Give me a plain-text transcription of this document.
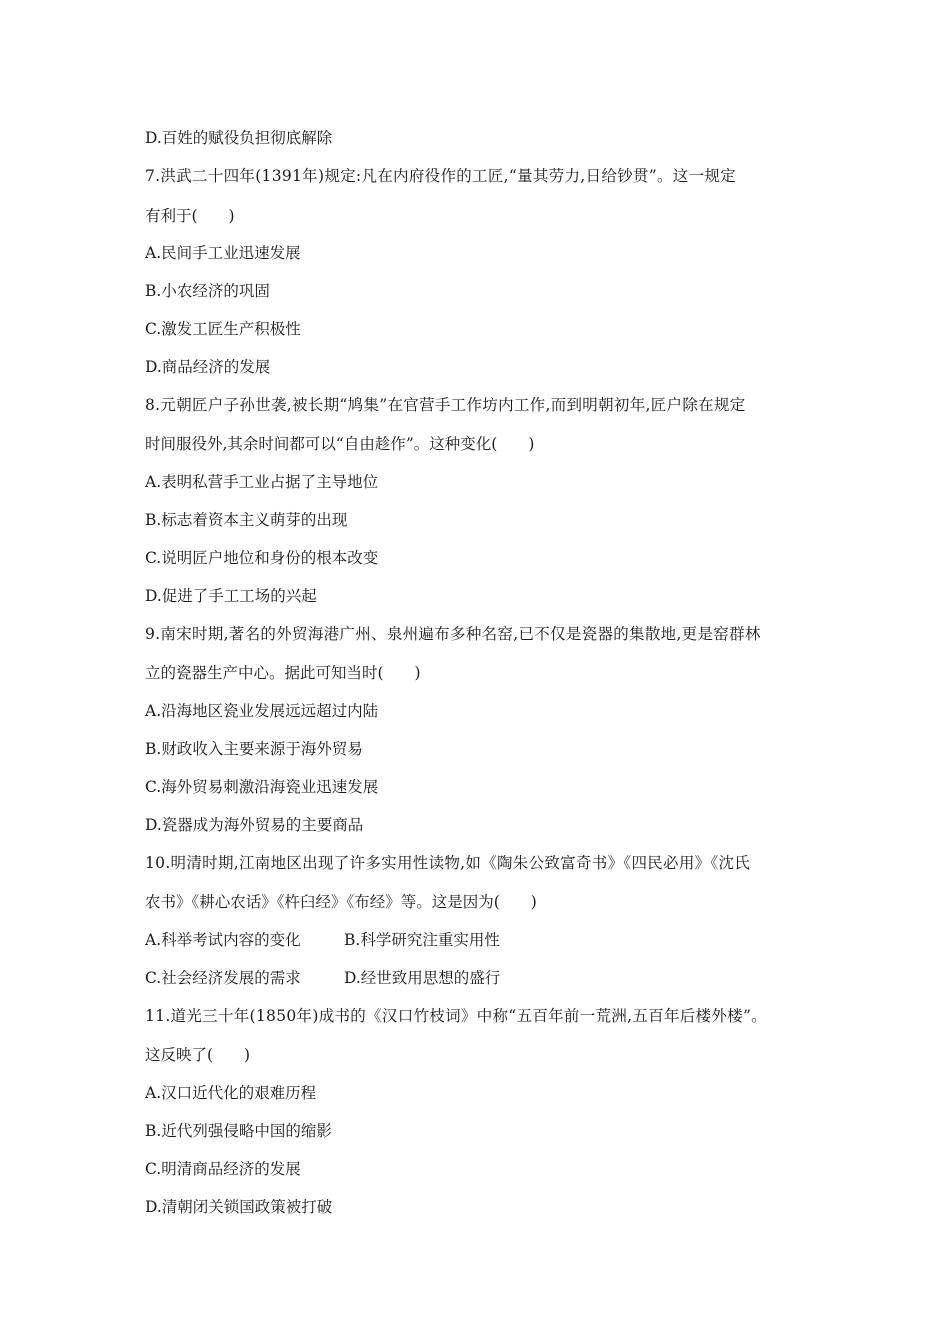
D.百姓的赋役负担彻底解除
7.洪武二十四年(1391年)规定:凡在内府役作的工匠,“量其劳力,日给钞贯”。这一规定
有利于(　　)
A.民间手工业迅速发展
B.小农经济的巩固
C.激发工匠生产积极性
D.商品经济的发展
8.元朝匠户子孙世袭,被长期“鸠集”在官营手工作坊内工作,而到明朝初年,匠户除在规定
时间服役外,其余时间都可以“自由趁作”。这种变化(　　)
A.表明私营手工业占据了主导地位
B.标志着资本主义萌芽的出现
C.说明匠户地位和身份的根本改变
D.促进了手工工场的兴起
9.南宋时期,著名的外贸海港广州、泉州遍布多种名窑,已不仅是瓷器的集散地,更是窑群林
立的瓷器生产中心。据此可知当时(　　)
A.沿海地区瓷业发展远远超过内陆
B.财政收入主要来源于海外贸易
C.海外贸易刺激沿海瓷业迅速发展
D.瓷器成为海外贸易的主要商品
10.明清时期,江南地区出现了许多实用性读物,如《陶朱公致富奇书》《四民必用》《沈氏
农书》《耕心农话》《杵臼经》《布经》等。这是因为(　　)
A.科举考试内容的变化	B.科学研究注重实用性
C.社会经济发展的需求	D.经世致用思想的盛行
11.道光三十年(1850年)成书的《汉口竹枝词》中称“五百年前一荒洲,五百年后楼外楼”。
这反映了(　　)
A.汉口近代化的艰难历程
B.近代列强侵略中国的缩影
C.明清商品经济的发展
D.清朝闭关锁国政策被打破
